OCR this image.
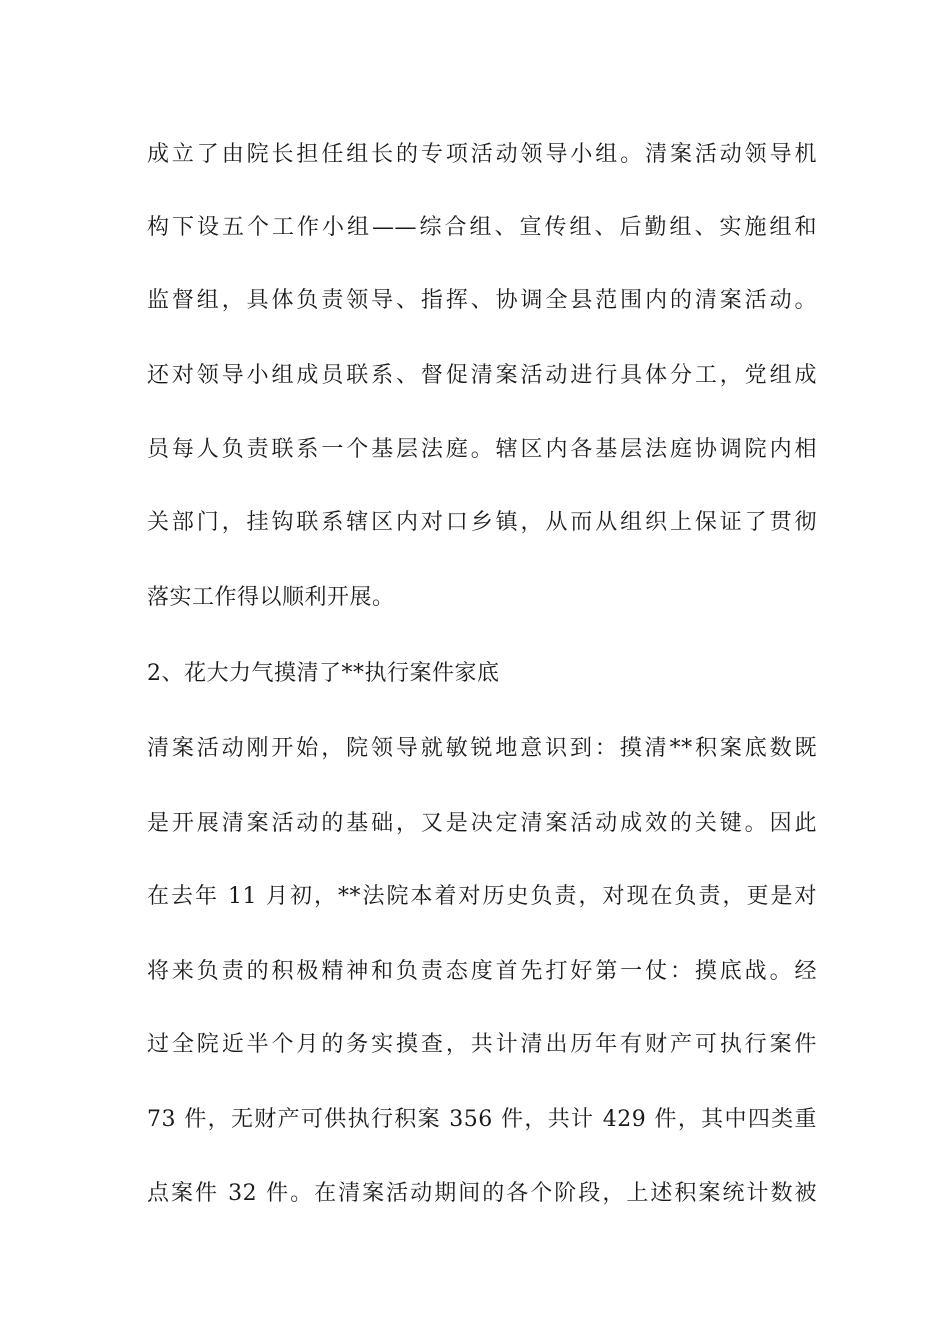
成立了由院长担任组长的专项活动领导小组。清案活动领导机
构下设五个工作小组——综合组、宣传组、后勤组、实施组和
监督组，具体负责领导、指挥、协调全县范围内的清案活动。
还对领导小组成员联系、督促清案活动进行具体分工，党组成
员每人负责联系一个基层法庭。辖区内各基层法庭协调院内相
关部门，挂钩联系辖区内对口乡镇，从而从组织上保证了贯彻
落实工作得以顺利开展。
2、花大力气摸清了**执行案件家底
清案活动刚开始，院领导就敏锐地意识到：摸清**积案底数既
是开展清案活动的基础，又是决定清案活动成效的关键。因此
在去年 11 月初，**法院本着对历史负责，对现在负责，更是对
将来负责的积极精神和负责态度首先打好第一仗：摸底战。经
过全院近半个月的务实摸查，共计清出历年有财产可执行案件
73 件，无财产可供执行积案 356 件，共计 429 件，其中四类重
点案件 32 件。在清案活动期间的各个阶段，上述积案统计数被
